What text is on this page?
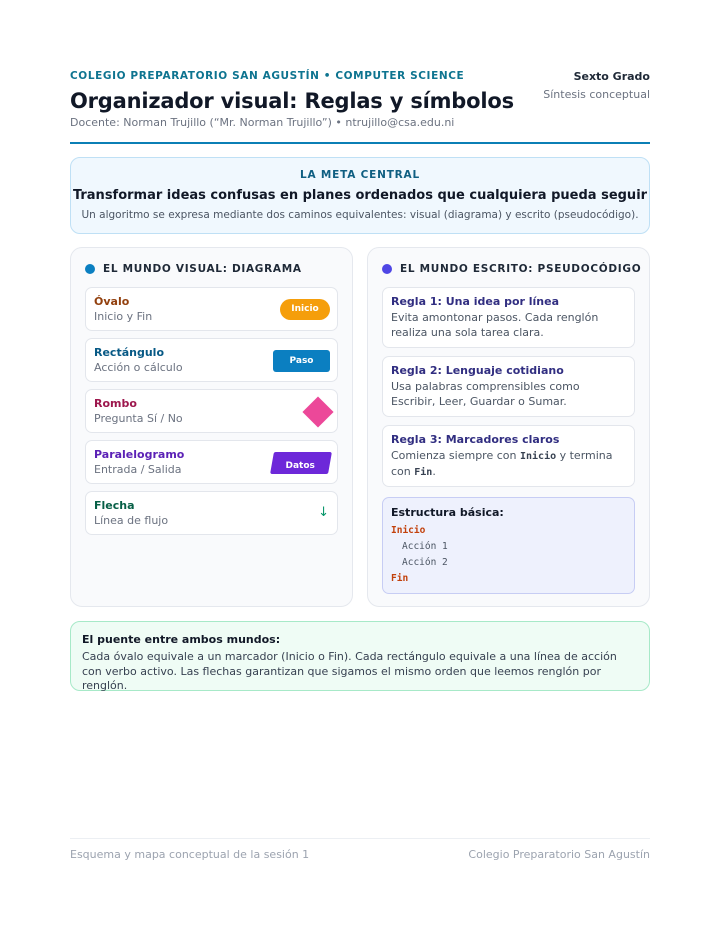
COLEGIO PREPARATORIO SAN AGUSTÍN • COMPUTER SCIENCE
Organizador visual: Reglas y símbolos
Docente: Norman Trujillo (“Mr. Norman Trujillo”) • ntrujillo@csa.edu.ni
Sexto Grado
Síntesis conceptual
LA META CENTRAL
Transformar ideas confusas en planes ordenados que cualquiera pueda seguir
Un algoritmo se expresa mediante dos caminos equivalentes: visual (diagrama) y escrito (pseudocódigo).
EL MUNDO VISUAL: DIAGRAMA
Óvalo
Inicio y Fin
Inicio
Rectángulo
Acción o cálculo	Paso
Rombo
Pregunta Sí / No
Paralelogramo
Entrada / Salida	Datos
Flecha
Línea de flujo
↓
EL MUNDO ESCRITO: PSEUDOCÓDIGO
Regla 1: Una idea por línea
Evita amontonar pasos. Cada renglón realiza una sola tarea clara.
Regla 2: Lenguaje cotidiano
Usa palabras comprensibles como Escribir, Leer, Guardar o Sumar.
Regla 3: Marcadores claros
Comienza siempre con Inicio y termina con Fin.
Estructura básica:
Inicio
Acción 1
Acción 2
Fin
El puente entre ambos mundos:
Cada óvalo equivale a un marcador (Inicio o Fin). Cada rectángulo equivale a una línea de acción con verbo activo. Las flechas garantizan que sigamos el mismo orden que leemos renglón por renglón.
Esquema y mapa conceptual de la sesión 1	Colegio Preparatorio San Agustín
